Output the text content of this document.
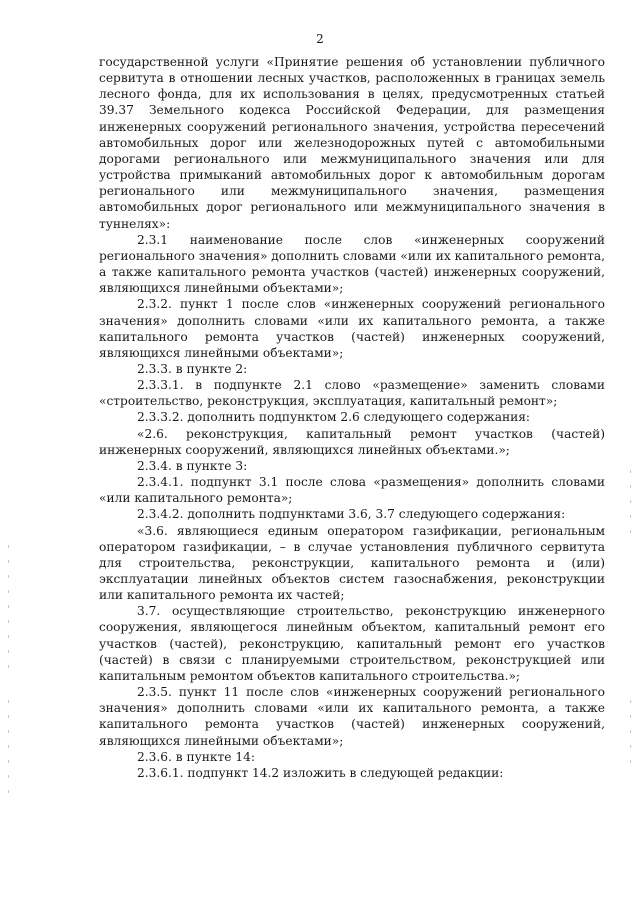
2

государственной услуги «Принятие решения об установлении публичного сервитута в отношении лесных участков, расположенных в границах земель лесного фонда, для их использования в целях, предусмотренных статьей 39.37 Земельного кодекса Российской Федерации, для размещения инженерных сооружений регионального значения, устройства пересечений автомобильных дорог или железнодорожных путей с автомобильными дорогами регионального или межмуниципального значения или для устройства примыканий автомобильных дорог к автомобильным дорогам регионального или межмуниципального значения, размещения автомобильных дорог регионального или межмуниципального значения в туннелях»:

2.3.1 наименование после слов «инженерных сооружений регионального значения» дополнить словами «или их капитального ремонта, а также капитального ремонта участков (частей) инженерных сооружений, являющихся линейными объектами»;

2.3.2. пункт 1 после слов «инженерных сооружений регионального значения» дополнить словами «или их капитального ремонта, а также капитального ремонта участков (частей) инженерных сооружений, являющихся линейными объектами»;

2.3.3. в пункте 2:

2.3.3.1. в подпункте 2.1 слово «размещение» заменить словами «строительство, реконструкция, эксплуатация, капитальный ремонт»;

2.3.3.2. дополнить подпунктом 2.6 следующего содержания:

«2.6. реконструкция, капитальный ремонт участков (частей) инженерных сооружений, являющихся линейных объектами.»;

2.3.4. в пункте 3:

2.3.4.1. подпункт 3.1 после слова «размещения» дополнить словами «или капитального ремонта»;

2.3.4.2. дополнить подпунктами 3.6, 3.7 следующего содержания:

«3.6. являющиеся единым оператором газификации, региональным оператором газификации, – в случае установления публичного сервитута для строительства, реконструкции, капитального ремонта и (или) эксплуатации линейных объектов систем газоснабжения, реконструкции или капитального ремонта их частей;

3.7. осуществляющие строительство, реконструкцию инженерного сооружения, являющегося линейным объектом, капитальный ремонт его участков (частей), реконструкцию, капитальный ремонт его участков (частей) в связи с планируемыми строительством, реконструкцией или капитальным ремонтом объектов капитального строительства.»;

2.3.5. пункт 11 после слов «инженерных сооружений регионального значения» дополнить словами «или их капитального ремонта, а также капитального ремонта участков (частей) инженерных сооружений, являющихся линейными объектами»;

2.3.6. в пункте 14:

2.3.6.1. подпункт 14.2 изложить в следующей редакции:
